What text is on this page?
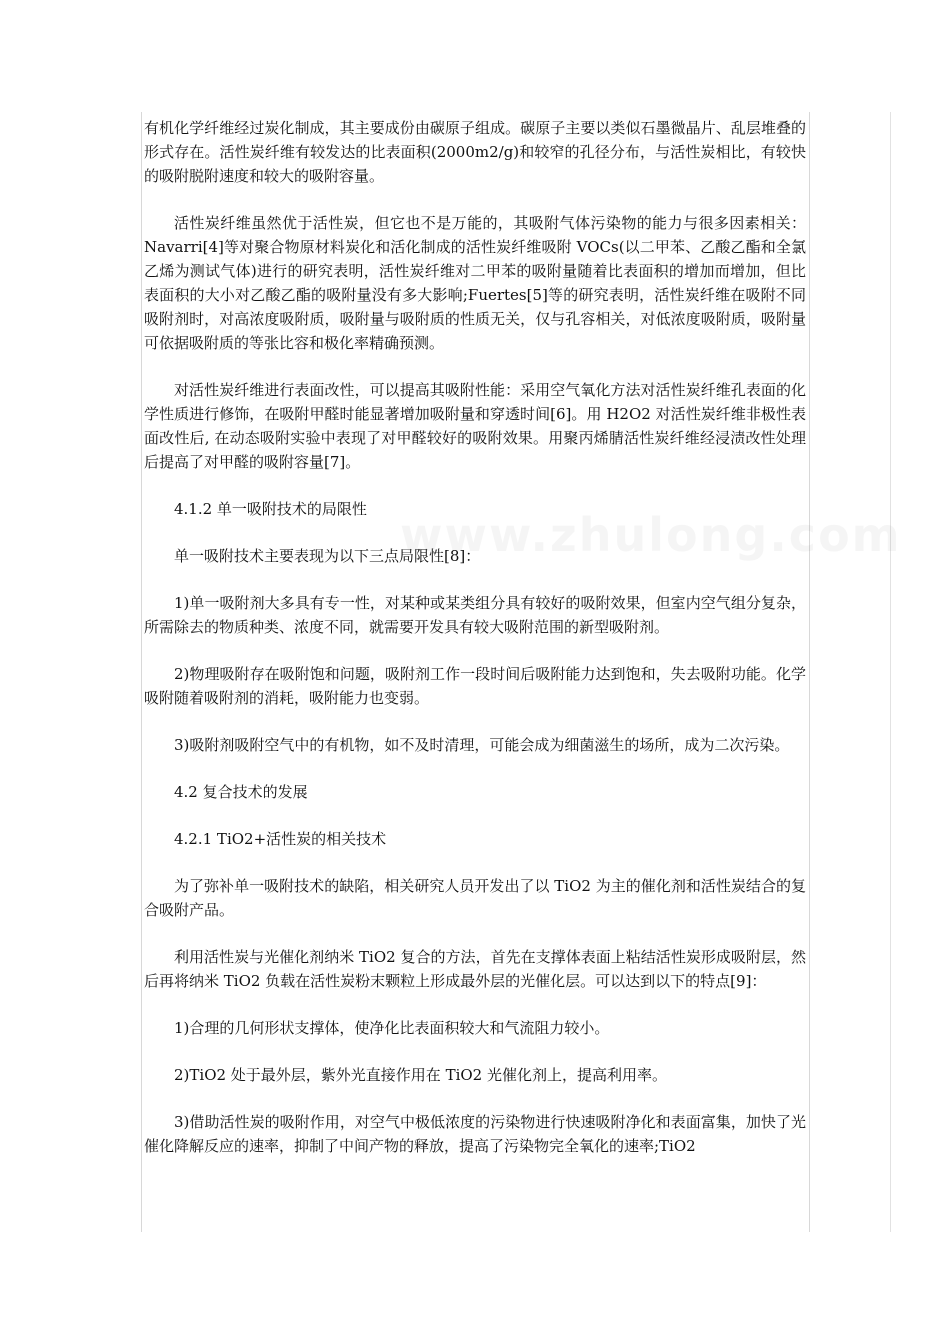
有机化学纤维经过炭化制成，其主要成份由碳原子组成。碳原子主要以类似石墨微晶片、乱层堆叠的形式存在。活性炭纤维有较发达的比表面积(2000m2/g)和较窄的孔径分布，与活性炭相比，有较快的吸附脱附速度和较大的吸附容量。

活性炭纤维虽然优于活性炭，但它也不是万能的，其吸附气体污染物的能力与很多因素相关：Navarri[4]等对聚合物原材料炭化和活化制成的活性炭纤维吸附 VOCs(以二甲苯、乙酸乙酯和全氯乙烯为测试气体)进行的研究表明，活性炭纤维对二甲苯的吸附量随着比表面积的增加而增加，但比表面积的大小对乙酸乙酯的吸附量没有多大影响;Fuertes[5]等的研究表明，活性炭纤维在吸附不同吸附剂时，对高浓度吸附质，吸附量与吸附质的性质无关，仅与孔容相关，对低浓度吸附质，吸附量可依据吸附质的等张比容和极化率精确预测。

对活性炭纤维进行表面改性，可以提高其吸附性能：采用空气氧化方法对活性炭纤维孔表面的化学性质进行修饰，在吸附甲醛时能显著增加吸附量和穿透时间[6]。用 H2O2 对活性炭纤维非极性表面改性后, 在动态吸附实验中表现了对甲醛较好的吸附效果。用聚丙烯腈活性炭纤维经浸渍改性处理后提高了对甲醛的吸附容量[7]。

4.1.2 单一吸附技术的局限性

单一吸附技术主要表现为以下三点局限性[8]：

1)单一吸附剂大多具有专一性，对某种或某类组分具有较好的吸附效果，但室内空气组分复杂，所需除去的物质种类、浓度不同，就需要开发具有较大吸附范围的新型吸附剂。

2)物理吸附存在吸附饱和问题，吸附剂工作一段时间后吸附能力达到饱和，失去吸附功能。化学吸附随着吸附剂的消耗，吸附能力也变弱。

3)吸附剂吸附空气中的有机物，如不及时清理，可能会成为细菌滋生的场所，成为二次污染。

4.2 复合技术的发展

4.2.1 TiO2+活性炭的相关技术

为了弥补单一吸附技术的缺陷，相关研究人员开发出了以 TiO2 为主的催化剂和活性炭结合的复合吸附产品。

利用活性炭与光催化剂纳米 TiO2 复合的方法，首先在支撑体表面上粘结活性炭形成吸附层，然后再将纳米 TiO2 负载在活性炭粉末颗粒上形成最外层的光催化层。可以达到以下的特点[9]：

1)合理的几何形状支撑体，使净化比表面积较大和气流阻力较小。

2)TiO2 处于最外层，紫外光直接作用在 TiO2 光催化剂上，提高利用率。

3)借助活性炭的吸附作用，对空气中极低浓度的污染物进行快速吸附净化和表面富集，加快了光催化降解反应的速率，抑制了中间产物的释放，提高了污染物完全氧化的速率;TiO2

www.zhulong.com
